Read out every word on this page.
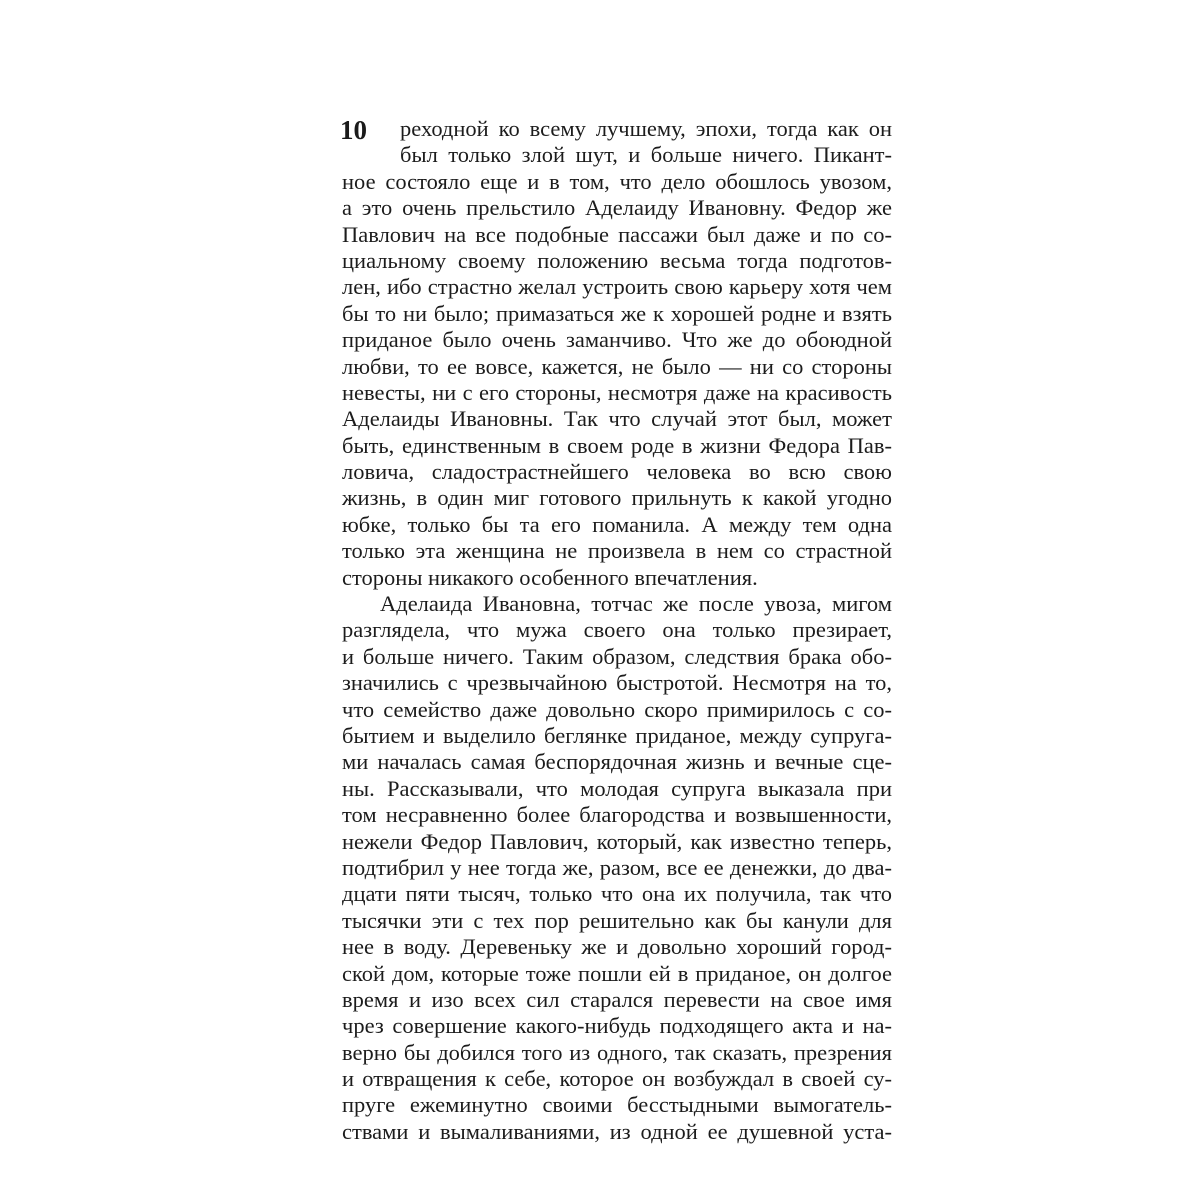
10	реходной ко всему лучшему, эпохи, тогда как он
был только злой шут, и больше ничего. Пикант-
ное состояло еще и в том, что дело обошлось увозом,
а это очень прельстило Аделаиду Ивановну. Федор же
Павлович на все подобные пассажи был даже и по со-
циальному своему положению весьма тогда подготов-
лен, ибо страстно желал устроить свою карьеру хотя чем
бы то ни было; примазаться же к хорошей родне и взять
приданое было очень заманчиво. Что же до обоюдной
любви, то ее вовсе, кажется, не было — ни со стороны
невесты, ни с его стороны, несмотря даже на красивость
Аделаиды Ивановны. Так что случай этот был, может
быть, единственным в своем роде в жизни Федора Пав-
ловича, сладострастнейшего человека во всю свою
жизнь, в один миг готового прильнуть к какой угодно
юбке, только бы та его поманила. А между тем одна
только эта женщина не произвела в нем со страстной
стороны никакого особенного впечатления.
Аделаида Ивановна, тотчас же после увоза, мигом
разглядела, что мужа своего она только презирает,
и больше ничего. Таким образом, следствия брака обо-
значились с чрезвычайною быстротой. Несмотря на то,
что семейство даже довольно скоро примирилось с со-
бытием и выделило беглянке приданое, между супруга-
ми началась самая беспорядочная жизнь и вечные сце-
ны. Рассказывали, что молодая супруга выказала при
том несравненно более благородства и возвышенности,
нежели Федор Павлович, который, как известно теперь,
подтибрил у нее тогда же, разом, все ее денежки, до два-
дцати пяти тысяч, только что она их получила, так что
тысячки эти с тех пор решительно как бы канули для
нее в воду. Деревеньку же и довольно хороший город-
ской дом, которые тоже пошли ей в приданое, он долгое
время и изо всех сил старался перевести на свое имя
чрез совершение какого-нибудь подходящего акта и на-
верно бы добился того из одного, так сказать, презрения
и отвращения к себе, которое он возбуждал в своей су-
пруге ежеминутно своими бесстыдными вымогатель-
ствами и вымаливаниями, из одной ее душевной уста-
